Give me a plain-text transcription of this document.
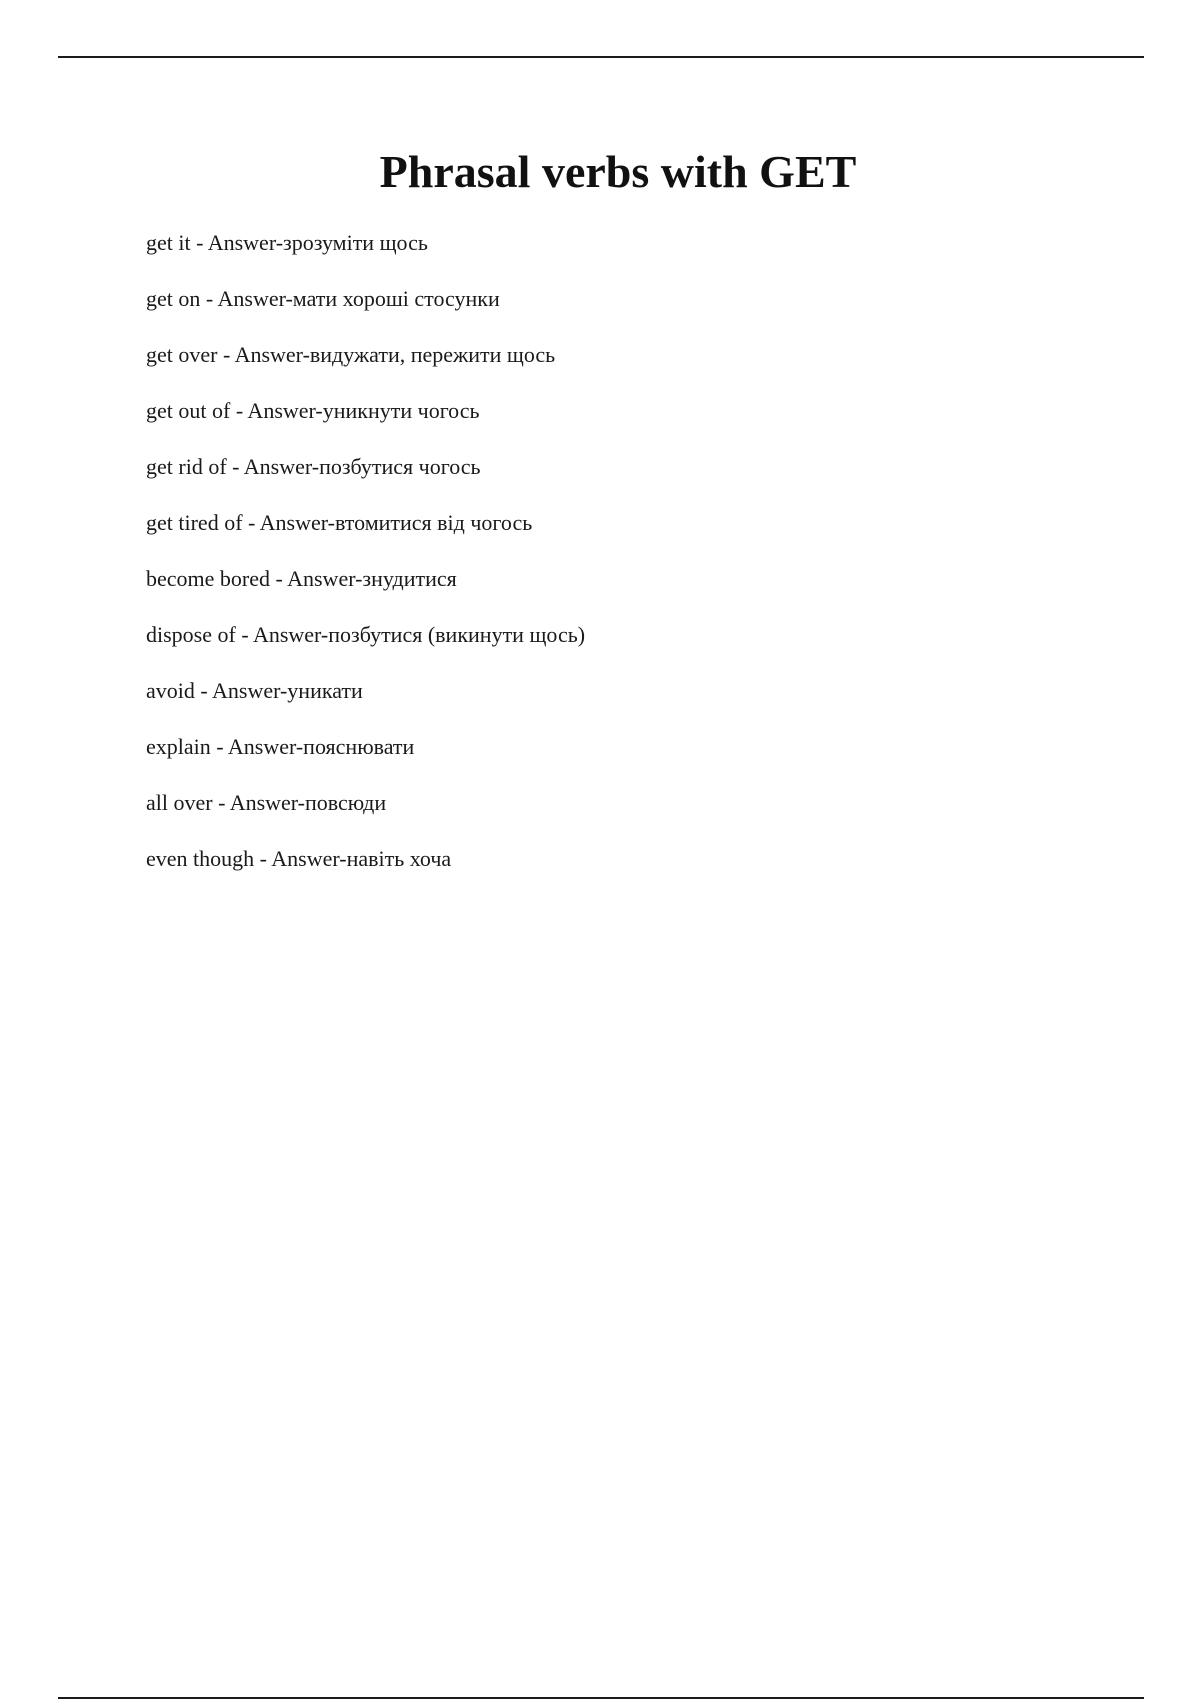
Phrasal verbs with GET
get it - Answer-зрозуміти щось
get on - Answer-мати хороші стосунки
get over - Answer-видужати, пережити щось
get out of - Answer-уникнути чогось
get rid of - Answer-позбутися чогось
get tired of - Answer-втомитися від чогось
become bored - Answer-знудитися
dispose of - Answer-позбутися (викинути щось)
avoid - Answer-уникати
explain - Answer-пояснювати
all over - Answer-повсюди
even though - Answer-навіть хоча
